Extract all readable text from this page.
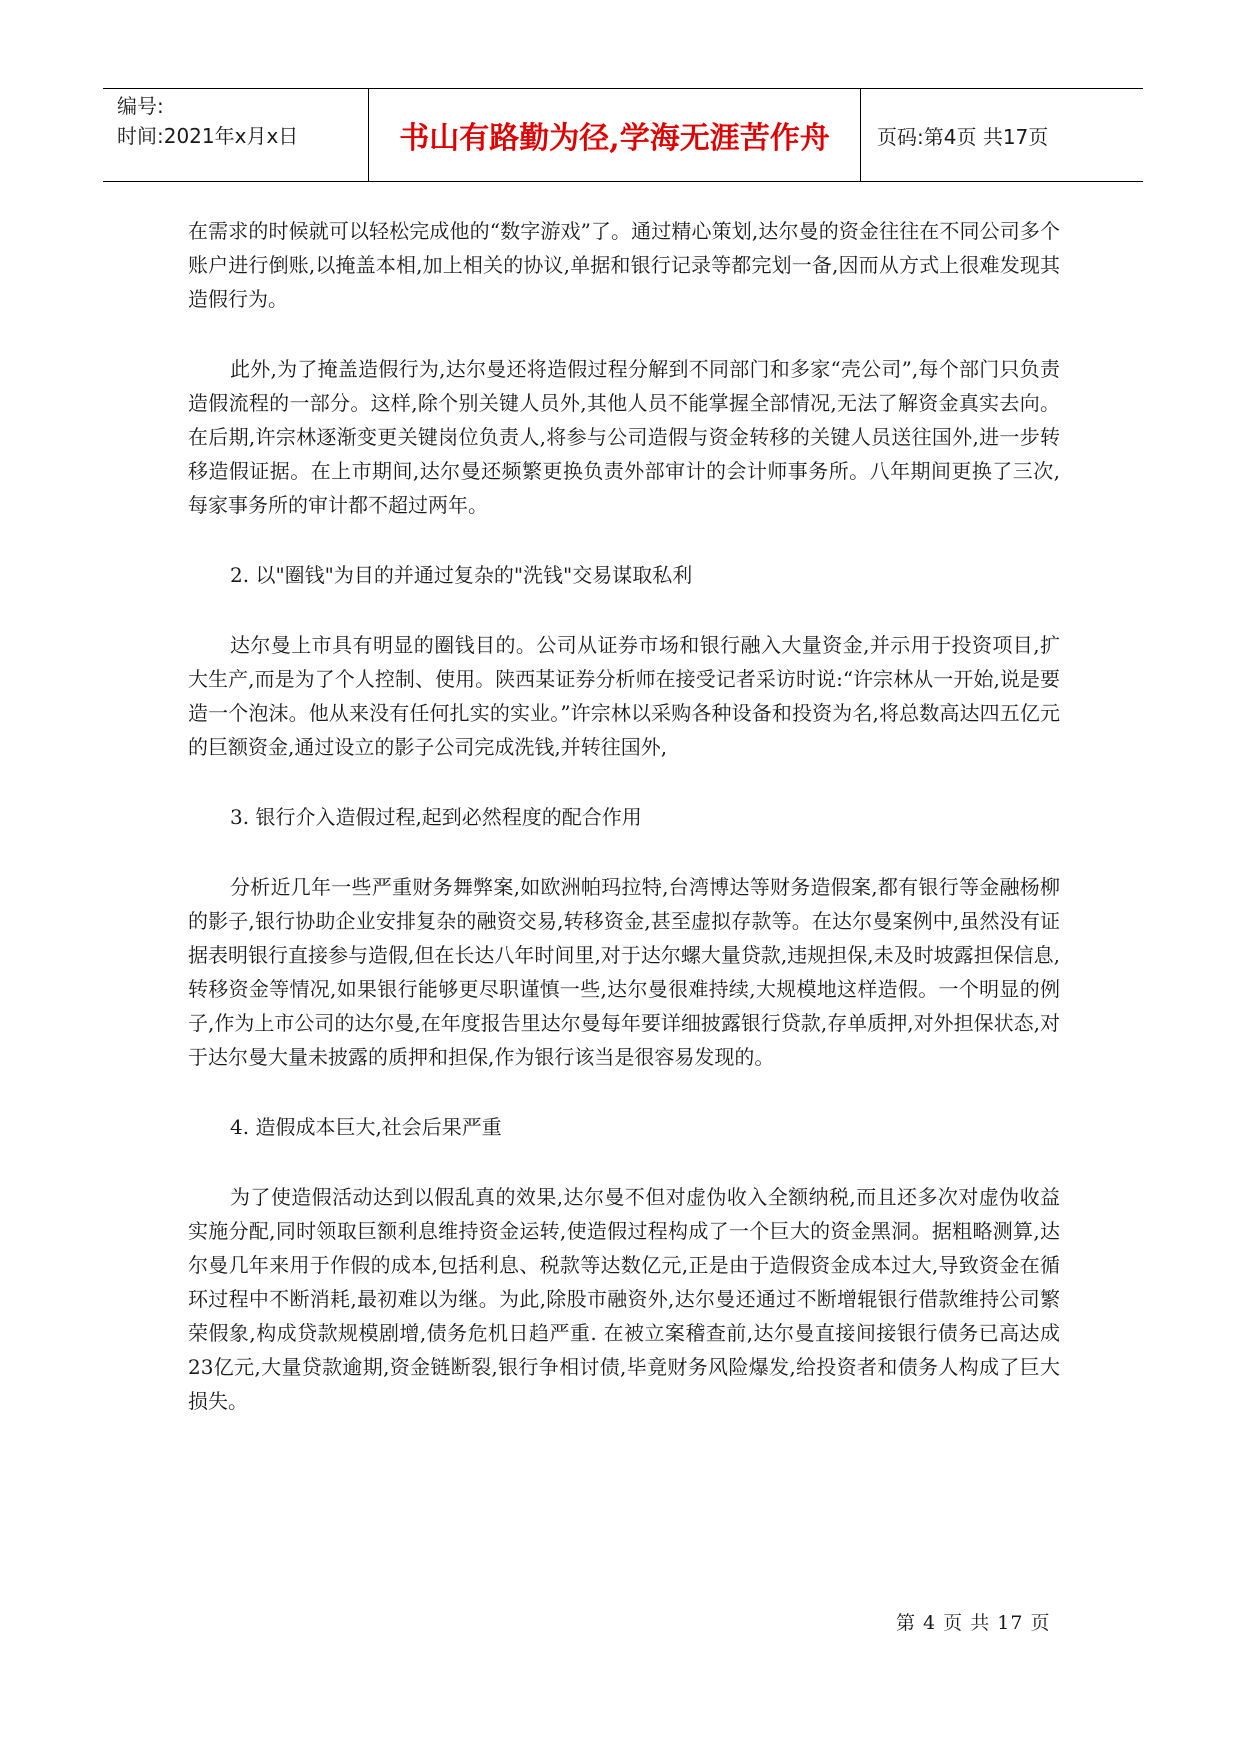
编号:
时间:2021年x月x日	书山有路勤为径,学海无涯苦作舟	页码:第4页 共17页

在需求的时候就可以轻松完成他的“数字游戏”了。通过精心策划,达尔曼的资金往往在不同公司多个账户进行倒账,以掩盖本相,加上相关的协议,单据和银行记录等都完划一备,因而从方式上很难发现其造假行为。

此外,为了掩盖造假行为,达尔曼还将造假过程分解到不同部门和多家“壳公司”,每个部门只负责造假流程的一部分。这样,除个别关键人员外,其他人员不能掌握全部情况,无法了解资金真实去向。在后期,许宗林逐渐变更关键岗位负责人,将参与公司造假与资金转移的关键人员送往国外,进一步转移造假证据。在上市期间,达尔曼还频繁更换负责外部审计的会计师事务所。八年期间更换了三次,每家事务所的审计都不超过两年。

2. 以"圈钱"为目的并通过复杂的"洗钱"交易谋取私利

达尔曼上市具有明显的圈钱目的。公司从证券市场和银行融入大量资金,并示用于投资项目,扩大生产,而是为了个人控制、使用。陕西某证券分析师在接受记者采访时说:“许宗林从一开始,说是要造一个泡沫。他从来没有任何扎实的实业。”许宗林以采购各种设备和投资为名,将总数高达四五亿元的巨额资金,通过设立的影子公司完成洗钱,并转往国外,

3. 银行介入造假过程,起到必然程度的配合作用

分析近几年一些严重财务舞弊案,如欧洲帕玛拉特,台湾博达等财务造假案,都有银行等金融杨柳的影子,银行协助企业安排复杂的融资交易,转移资金,甚至虚拟存款等。在达尔曼案例中,虽然没有证据表明银行直接参与造假,但在长达八年时间里,对于达尔螺大量贷款,违规担保,未及时坡露担保信息,转移资金等情况,如果银行能够更尽职谨慎一些,达尔曼很难持续,大规模地这样造假。一个明显的例子,作为上市公司的达尔曼,在年度报告里达尔曼每年要详细披露银行贷款,存单质押,对外担保状态,对于达尔曼大量未披露的质押和担保,作为银行该当是很容易发现的。

4. 造假成本巨大,社会后果严重

为了使造假活动达到以假乱真的效果,达尔曼不但对虚伪收入全额纳税,而且还多次对虚伪收益实施分配,同时领取巨额利息维持资金运转,使造假过程构成了一个巨大的资金黑洞。据粗略测算,达尔曼几年来用于作假的成本,包括利息、税款等达数亿元,正是由于造假资金成本过大,导致资金在循环过程中不断消耗,最初难以为继。为此,除股市融资外,达尔曼还通过不断增辊银行借款维持公司繁荣假象,构成贷款规模剧增,债务危机日趋严重. 在被立案稽查前,达尔曼直接间接银行债务已高达成23亿元,大量贷款逾期,资金链断裂,银行争相讨债,毕竟财务风险爆发,给投资者和债务人构成了巨大损失。

第 4 页 共 17 页
